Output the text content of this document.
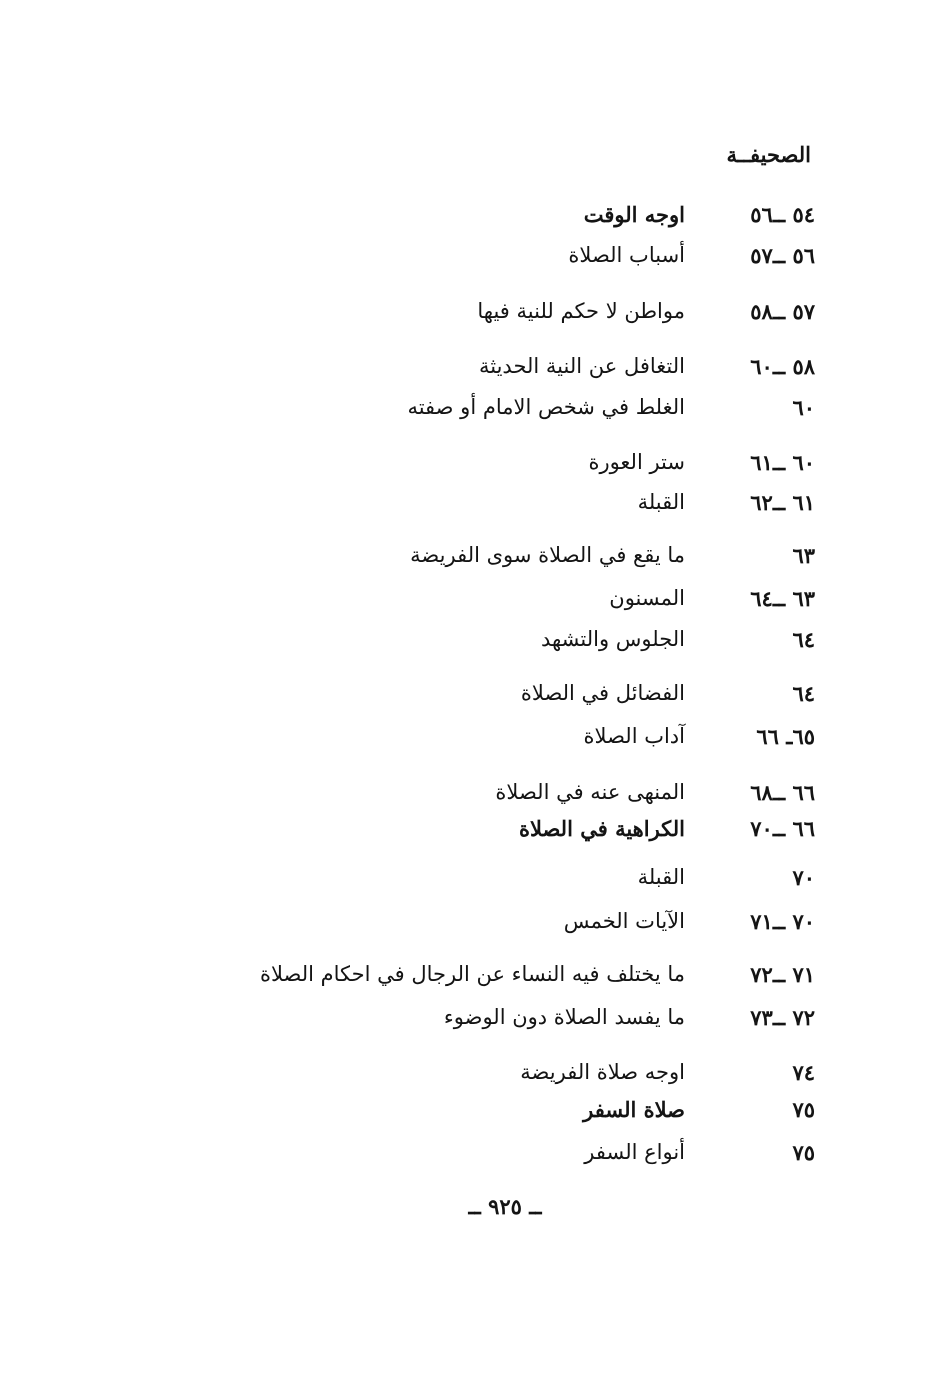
الصحيفــة
٥٤ ــ٥٦
اوجه الوقت
٥٦ ــ٥٧
أسباب الصلاة
٥٧ ــ٥٨
مواطن لا حكم للنية فيها
٥٨ ــ٦٠
التغافل عن النية الحديثة
٦٠
الغلط في شخص الامام أو صفته
٦٠ ــ٦١
ستر العورة
٦١ ــ٦٢
القبلة
٦٣
ما يقع في الصلاة سوى الفريضة
٦٣ ــ٦٤
المسنون
٦٤
الجلوس والتشهد
٦٤
الفضائل في الصلاة
٦٥ـ ٦٦
آداب الصلاة
٦٦ ــ٦٨
المنهى عنه في الصلاة
٦٦ ــ٧٠
الكراهية في الصلاة
٧٠
القبلة
٧٠ ــ٧١
الآيات الخمس
٧١ ــ٧٢
ما يختلف فيه النساء عن الرجال في احكام الصلاة
٧٢ ــ٧٣
ما يفسد الصلاة دون الوضوء
٧٤
اوجه صلاة الفريضة
٧٥
صلاة السفر
٧٥
أنواع السفر
ــ ٩٢٥ ــ
